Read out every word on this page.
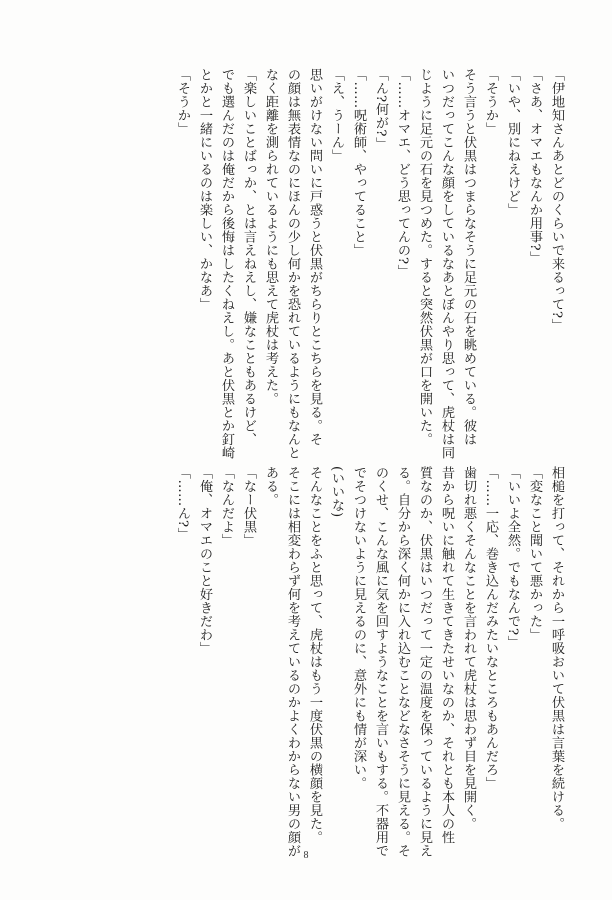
「伊地知さんあとどのくらいで来るって?」
「さあ、オマエもなんか用事?」
「いや、別にねえけど」
「そうか」
そう言うと伏黒はつまらなそうに足元の石を眺めている。彼は
いつだってこんな顔をしているなあとぼんやり思って、虎杖は同
じように足元の石を見つめた。すると突然伏黒が口を開いた。
「……オマエ、どう思ってんの?」
「ん?何が?」
「……呪術師、やってること」
「え、うーん」
思いがけない問いに戸惑うと伏黒がちらりとこちらを見る。そ
の顔は無表情なのにほんの少し何かを恐れているようにもなんと
なく距離を測られているようにも思えて虎杖は考えた。
「楽しいことばっか、とは言えねえし、嫌なこともあるけど、
でも選んだのは俺だから後悔はしたくねえし。あと伏黒とか釘崎
とかと一緒にいるのは楽しい、かなあ」
「そうか」
相槌を打って、それから一呼吸おいて伏黒は言葉を続ける。
「変なこと聞いて悪かった」
「いいよ全然。でもなんで?」
「……一応、巻き込んだみたいなところもあんだろ」
歯切れ悪くそんなことを言われて虎杖は思わず目を見開く。
昔から呪いに触れて生きてきたせいなのか、それとも本人の性
質なのか、伏黒はいつだって一定の温度を保っているように見え
る。自分から深く何かに入れ込むことなどなさそうに見える。そ
のくせ、こんな風に気を回すようなことを言いもする。不器用で
でそつけないように見えるのに、意外にも情が深い。
(いいな)
そんなことをふと思って、虎杖はもう一度伏黒の横顔を見た。
そこには相変わらず何を考えているのかよくわからない男の顔が
ある。
「なー伏黒」
「なんだよ」
「俺、オマエのこと好きだわ」
「……ん?」
8
